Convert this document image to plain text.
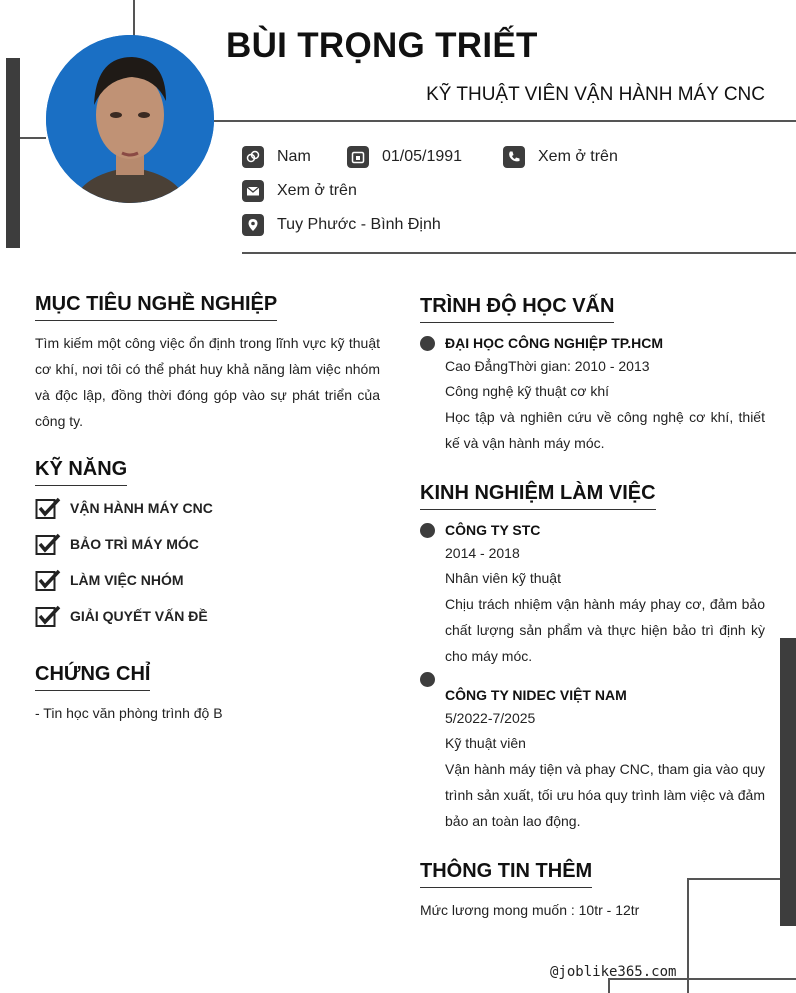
BÙI TRỌNG TRIẾT
KỸ THUẬT VIÊN VẬN HÀNH MÁY CNC
Nam	01/05/1991	Xem ở trên
Xem ở trên
Tuy Phước - Bình Định
MỤC TIÊU NGHỀ NGHIỆP
Tìm kiếm một công việc ổn định trong lĩnh vực kỹ thuật cơ khí, nơi tôi có thể phát huy khả năng làm việc nhóm và độc lập, đồng thời đóng góp vào sự phát triển của công ty.
KỸ NĂNG
VẬN HÀNH MÁY CNC
BẢO TRÌ MÁY MÓC
LÀM VIỆC NHÓM
GIẢI QUYẾT VẤN ĐỀ
CHỨNG CHỈ
- Tin học văn phòng trình độ B
TRÌNH ĐỘ HỌC VẤN
ĐẠI HỌC CÔNG NGHIỆP TP.HCM
Cao ĐẳngThời gian: 2010 - 2013
Công nghệ kỹ thuật cơ khí
Học tập và nghiên cứu về công nghệ cơ khí, thiết kế và vận hành máy móc.
KINH NGHIỆM LÀM VIỆC
CÔNG TY STC
2014 - 2018
Nhân viên kỹ thuật
Chịu trách nhiệm vận hành máy phay cơ, đảm bảo chất lượng sản phẩm và thực hiện bảo trì định kỳ cho máy móc.
CÔNG TY NIDEC VIỆT NAM
5/2022-7/2025
Kỹ thuật viên
Vận hành máy tiện và phay CNC, tham gia vào quy trình sản xuất, tối ưu hóa quy trình làm việc và đảm bảo an toàn lao động.
THÔNG TIN THÊM
Mức lương mong muốn : 10tr - 12tr
@joblike365.com
